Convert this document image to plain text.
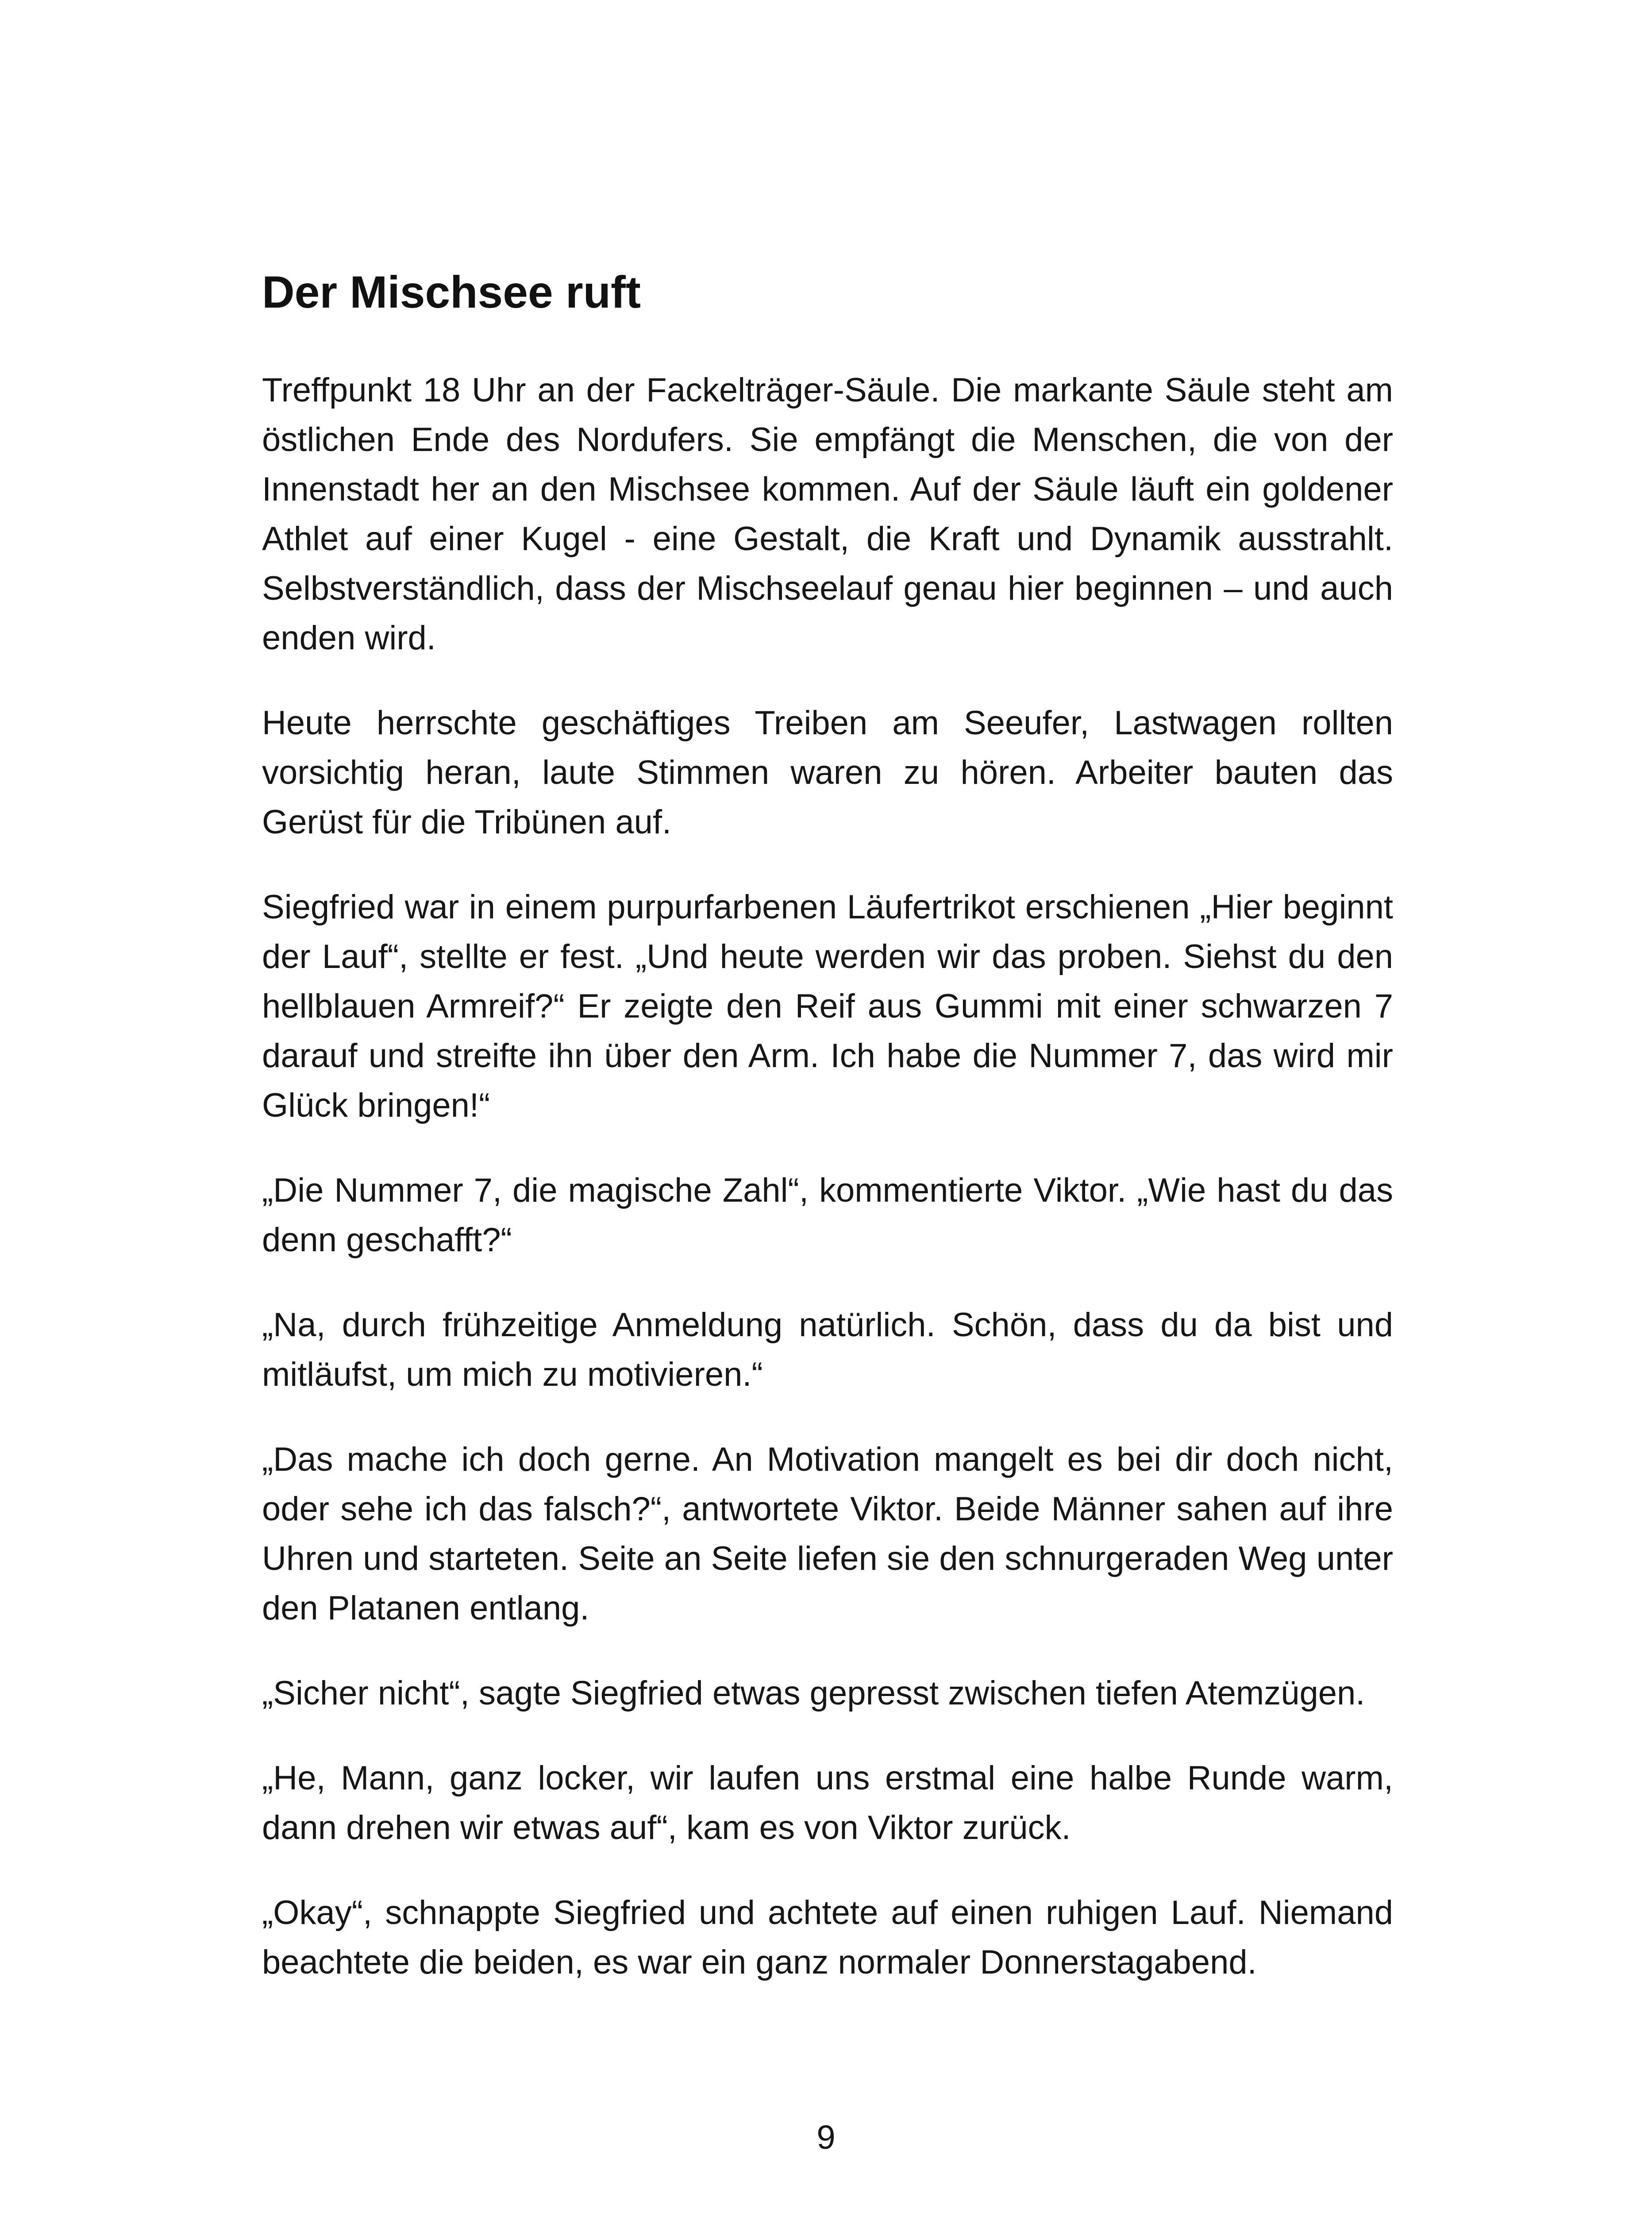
Der Mischsee ruft

Treffpunkt 18 Uhr an der Fackelträger-Säule. Die markante Säule steht am östlichen Ende des Nordufers. Sie empfängt die Menschen, die von der Innenstadt her an den Mischsee kommen. Auf der Säule läuft ein goldener Athlet auf einer Kugel - eine Gestalt, die Kraft und Dynamik ausstrahlt. Selbstverständlich, dass der Mischseelauf genau hier beginnen – und auch enden wird.

Heute herrschte geschäftiges Treiben am Seeufer, Lastwagen rollten vorsichtig heran, laute Stimmen waren zu hören. Arbeiter bauten das Gerüst für die Tribünen auf.

Siegfried war in einem purpurfarbenen Läufertrikot erschienen „Hier beginnt der Lauf“, stellte er fest. „Und heute werden wir das proben. Siehst du den hellblauen Armreif?“ Er zeigte den Reif aus Gummi mit einer schwarzen 7 darauf und streifte ihn über den Arm. Ich habe die Nummer 7, das wird mir Glück bringen!“

„Die Nummer 7, die magische Zahl“, kommentierte Viktor. „Wie hast du das denn geschafft?“

„Na, durch frühzeitige Anmeldung natürlich. Schön, dass du da bist und mitläufst, um mich zu motivieren.“

„Das mache ich doch gerne. An Motivation mangelt es bei dir doch nicht, oder sehe ich das falsch?“, antwortete Viktor. Beide Männer sahen auf ihre Uhren und starteten. Seite an Seite liefen sie den schnurgeraden Weg unter den Platanen entlang.

„Sicher nicht“, sagte Siegfried etwas gepresst zwischen tiefen Atemzügen.

„He, Mann, ganz locker, wir laufen uns erstmal eine halbe Runde warm, dann drehen wir etwas auf“, kam es von Viktor zurück.

„Okay“, schnappte Siegfried und achtete auf einen ruhigen Lauf. Niemand beachtete die beiden, es war ein ganz normaler Donnerstagabend.

9
